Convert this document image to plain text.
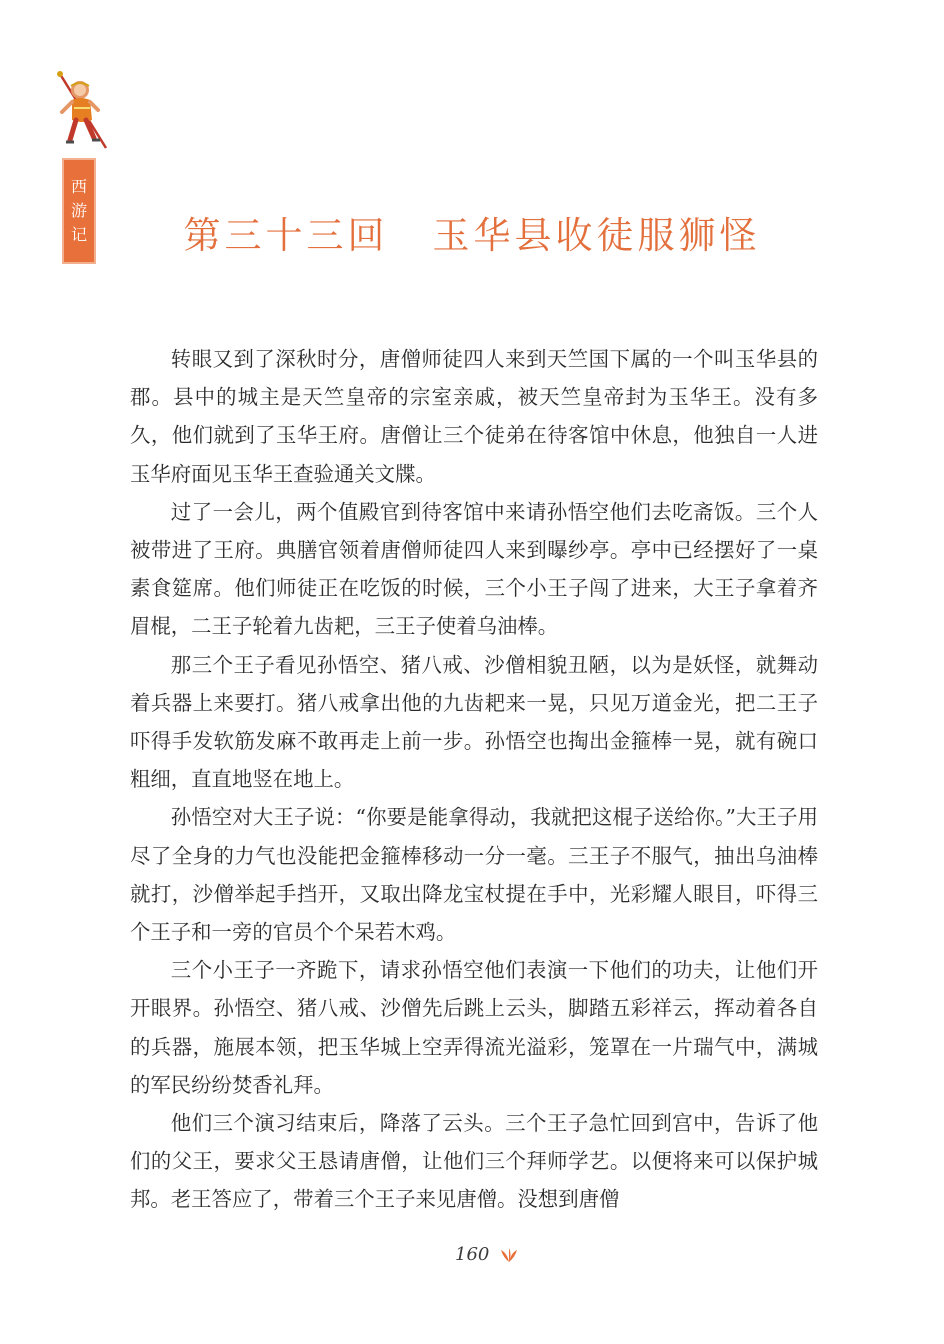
西
游
记	第三十三回 玉华县收徒服狮怪

转眼又到了深秋时分，唐僧师徒四人来到天竺国下属的一个叫玉华县的郡。县中的城主是天竺皇帝的宗室亲戚，被天竺皇帝封为玉华王。没有多久，他们就到了玉华王府。唐僧让三个徒弟在待客馆中休息，他独自一人进玉华府面见玉华王查验通关文牒。

过了一会儿，两个值殿官到待客馆中来请孙悟空他们去吃斋饭。三个人被带进了王府。典膳官领着唐僧师徒四人来到曝纱亭。亭中已经摆好了一桌素食筵席。他们师徒正在吃饭的时候，三个小王子闯了进来，大王子拿着齐眉棍，二王子轮着九齿耙，三王子使着乌油棒。

那三个王子看见孙悟空、猪八戒、沙僧相貌丑陋，以为是妖怪，就舞动着兵器上来要打。猪八戒拿出他的九齿耙来一晃，只见万道金光，把二王子吓得手发软筋发麻不敢再走上前一步。孙悟空也掏出金箍棒一晃，就有碗口粗细，直直地竖在地上。

孙悟空对大王子说：“你要是能拿得动，我就把这棍子送给你。”大王子用尽了全身的力气也没能把金箍棒移动一分一毫。三王子不服气，抽出乌油棒就打，沙僧举起手挡开，又取出降龙宝杖提在手中，光彩耀人眼目，吓得三个王子和一旁的官员个个呆若木鸡。

三个小王子一齐跪下，请求孙悟空他们表演一下他们的功夫，让他们开开眼界。孙悟空、猪八戒、沙僧先后跳上云头，脚踏五彩祥云，挥动着各自的兵器，施展本领，把玉华城上空弄得流光溢彩，笼罩在一片瑞气中，满城的军民纷纷焚香礼拜。

他们三个演习结束后，降落了云头。三个王子急忙回到宫中，告诉了他们的父王，要求父王恳请唐僧，让他们三个拜师学艺。以便将来可以保护城邦。老王答应了，带着三个王子来见唐僧。没想到唐僧

160
